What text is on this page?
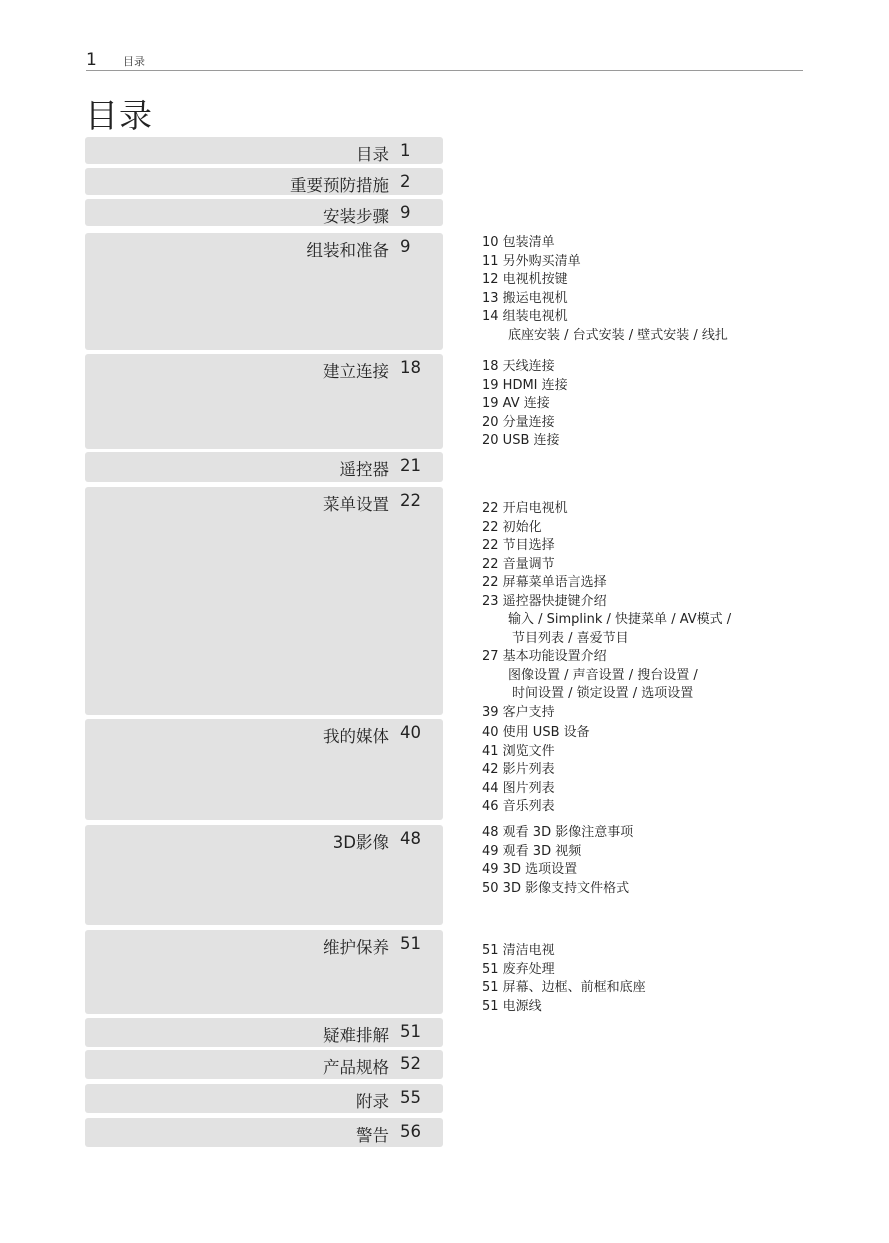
1 目录
目录
目录 1
重要预防措施 2
安装步骤 9
组装和准备 9	10 包装清单
11 另外购买清单
12 电视机按键
13 搬运电视机
14 组装电视机
底座安装 / 台式安装 / 壁式安装 / 线扎
建立连接 18	18 天线连接
19 HDMI 连接
19 AV 连接
20 分量连接
20 USB 连接
遥控器 21
菜单设置 22	22 开启电视机
22 初始化
22 节目选择
22 音量调节
22 屏幕菜单语言选择
23 遥控器快捷键介绍
输入 / Simplink / 快捷菜单 / AV模式 /
节目列表 / 喜爱节目
27 基本功能设置介绍
图像设置 / 声音设置 / 搜台设置 /
时间设置 / 锁定设置 / 选项设置
39 客户支持
我的媒体 40	40 使用 USB 设备
41 浏览文件
42 影片列表
44 图片列表
46 音乐列表
3D影像 48	48 观看 3D 影像注意事项
49 观看 3D 视频
49 3D 选项设置
50 3D 影像支持文件格式
维护保养 51	51 清洁电视
51 废弃处理
51 屏幕、边框、前框和底座
51 电源线
疑难排解 51
产品规格 52
附录 55
警告 56
